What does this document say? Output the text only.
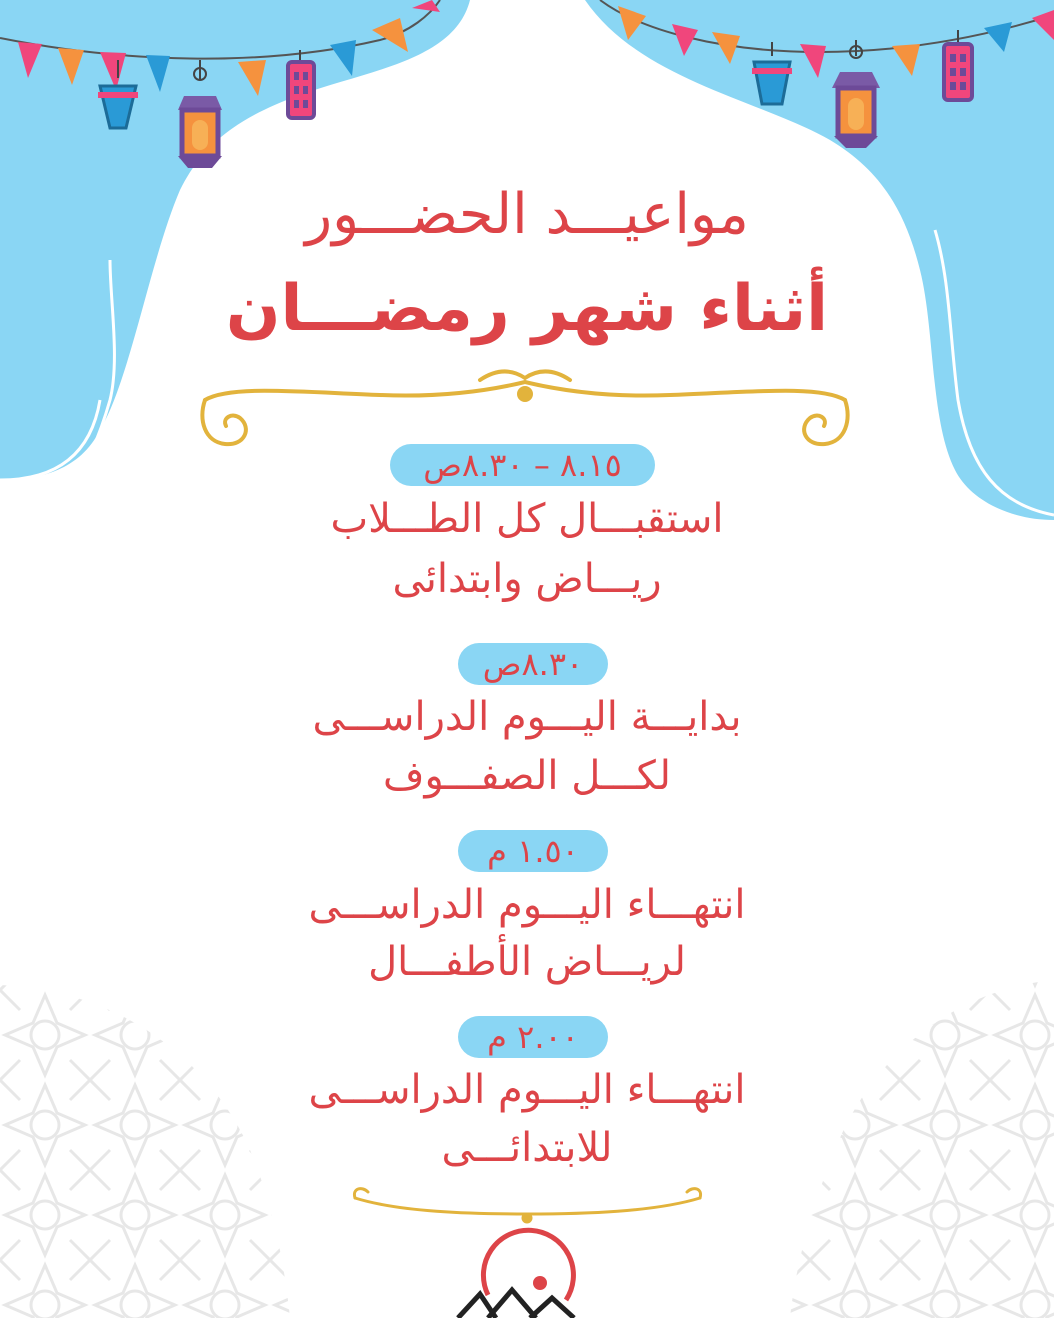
مواعيـــد الحضـــور
أثناء شهر رمضـــان
٨.١٥ – ٨.٣٠ص
استقبـــال كل الطـــلاب
ريـــاض وابتدائى
٨.٣٠ص
بدايـــة اليـــوم الدراســـى
لكـــل الصفـــوف
١.٥٠ م
انتهـــاء اليـــوم الدراســـى
لريـــاض الأطفـــال
٢.٠٠ م
انتهـــاء اليـــوم الدراســـى
للابتدائـــى
